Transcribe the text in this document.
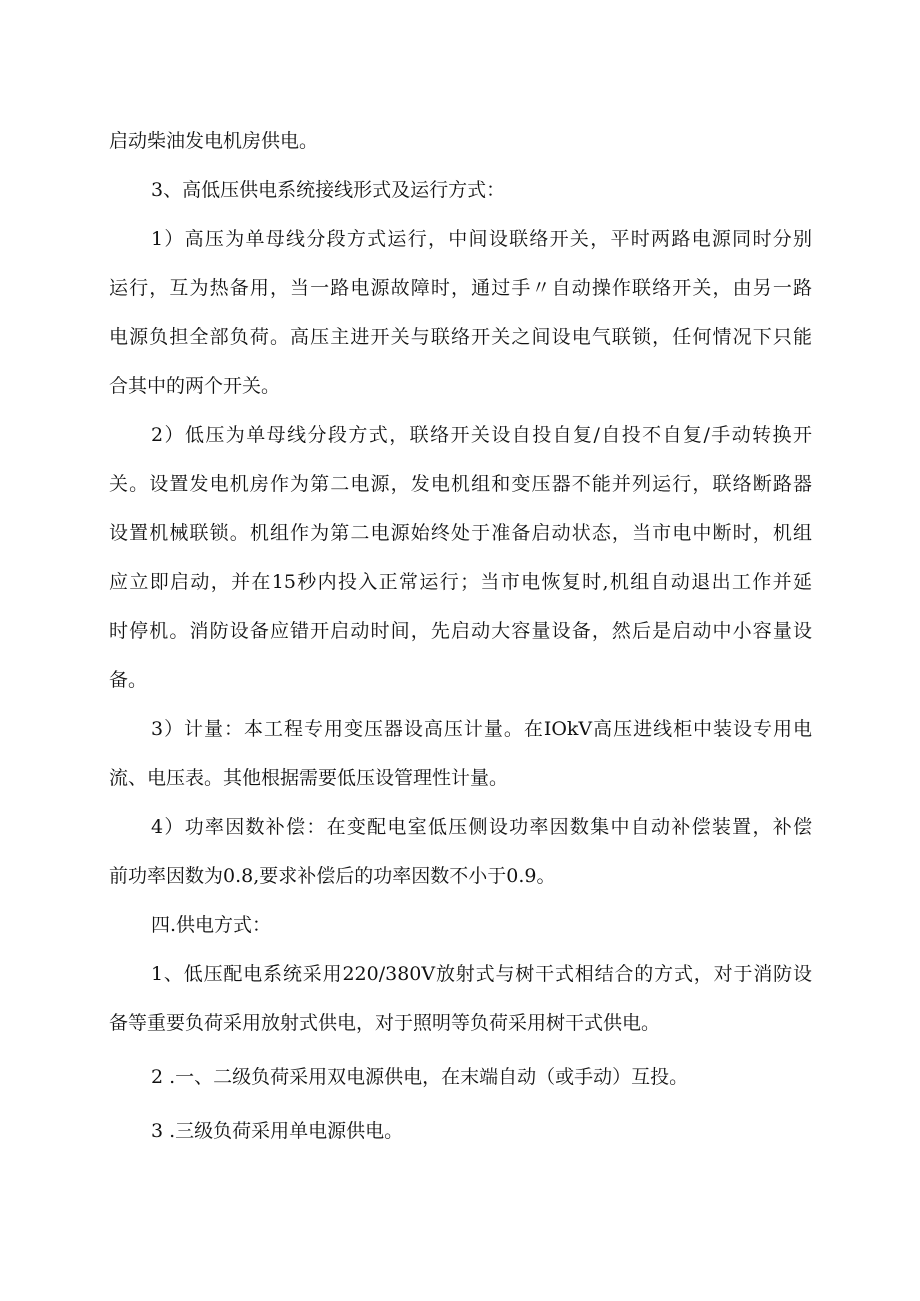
启动柴油发电机房供电。
3、高低压供电系统接线形式及运行方式：
1）高压为单母线分段方式运行，中间设联络开关，平时两路电源同时分别
运行，互为热备用，当一路电源故障时，通过手〃自动操作联络开关，由另一路
电源负担全部负荷。高压主进开关与联络开关之间设电气联锁，任何情况下只能
合其中的两个开关。
2）低压为单母线分段方式，联络开关设自投自复/自投不自复/手动转换开
关。设置发电机房作为第二电源，发电机组和变压器不能并列运行，联络断路器
设置机械联锁。机组作为第二电源始终处于准备启动状态，当市电中断时，机组
应立即启动，并在15秒内投入正常运行；当市电恢复时,机组自动退出工作并延
时停机。消防设备应错开启动时间，先启动大容量设备，然后是启动中小容量设
备。
3）计量：本工程专用变压器设高压计量。在IOkV高压进线柜中装设专用电
流、电压表。其他根据需要低压设管理性计量。
4）功率因数补偿：在变配电室低压侧设功率因数集中自动补偿装置，补偿
前功率因数为0.8,要求补偿后的功率因数不小于0.9。
四.供电方式：
1、低压配电系统采用220/380V放射式与树干式相结合的方式，对于消防设
备等重要负荷采用放射式供电，对于照明等负荷采用树干式供电。
2 .一、二级负荷采用双电源供电，在末端自动（或手动）互投。
3 .三级负荷采用单电源供电。
